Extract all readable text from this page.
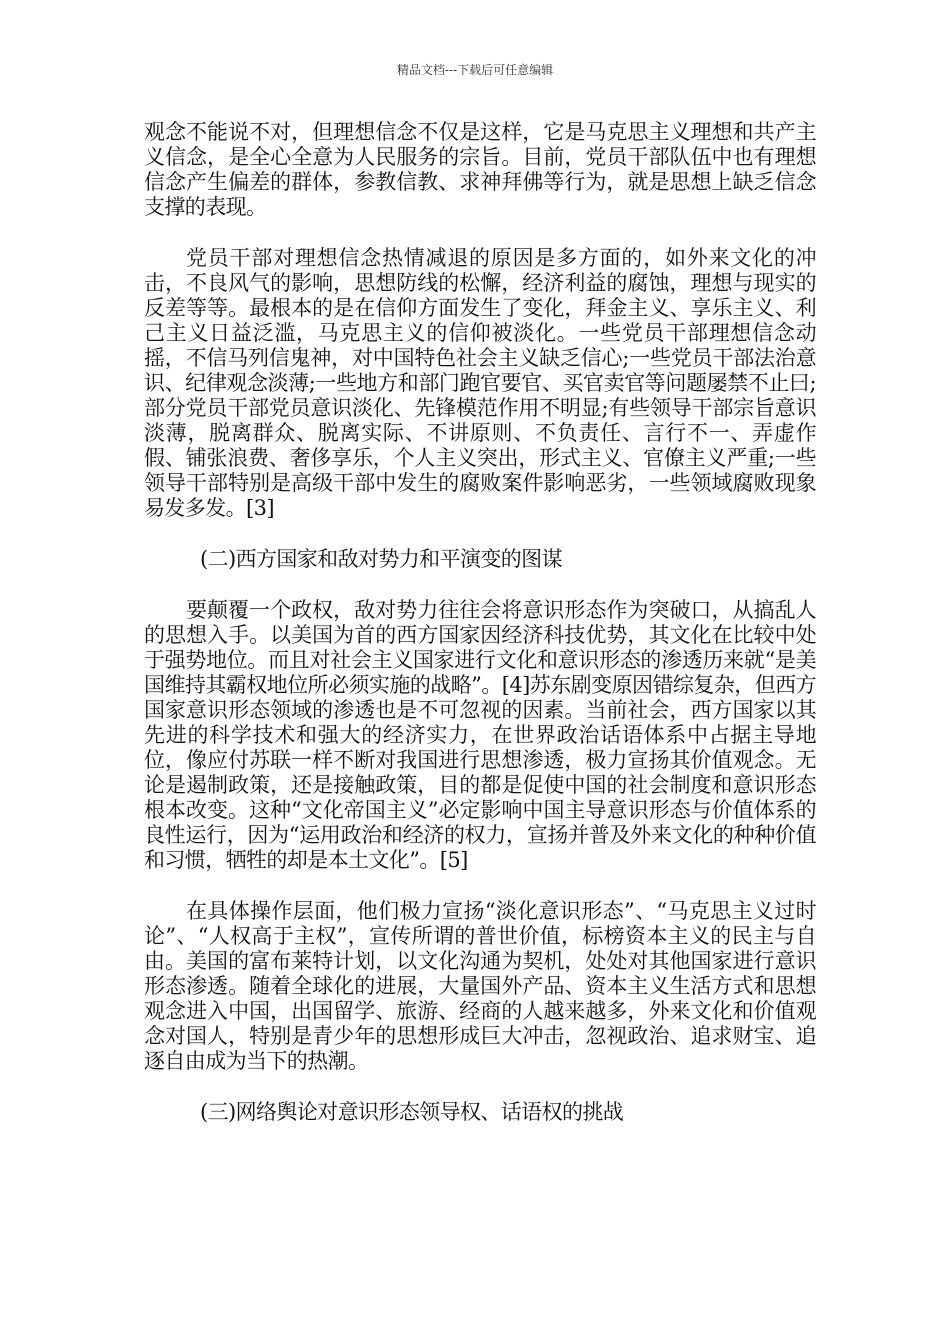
精品文档---下载后可任意编辑

观念不能说不对，但理想信念不仅是这样，它是马克思主义理想和共产主义信念，是全心全意为人民服务的宗旨。目前，党员干部队伍中也有理想信念产生偏差的群体，参教信教、求神拜佛等行为，就是思想上缺乏信念支撑的表现。

党员干部对理想信念热情减退的原因是多方面的，如外来文化的冲击，不良风气的影响，思想防线的松懈，经济利益的腐蚀，理想与现实的反差等等。最根本的是在信仰方面发生了变化，拜金主义、享乐主义、利己主义日益泛滥，马克思主义的信仰被淡化。一些党员干部理想信念动摇，不信马列信鬼神，对中国特色社会主义缺乏信心;一些党员干部法治意识、纪律观念淡薄;一些地方和部门跑官要官、买官卖官等问题屡禁不止曰;部分党员干部党员意识淡化、先锋模范作用不明显;有些领导干部宗旨意识淡薄，脱离群众、脱离实际、不讲原则、不负责任、言行不一、弄虚作假、铺张浪费、奢侈享乐，个人主义突出，形式主义、官僚主义严重;一些领导干部特别是高级干部中发生的腐败案件影响恶劣，一些领域腐败现象易发多发。[3]

(二)西方国家和敌对势力和平演变的图谋

要颠覆一个政权，敌对势力往往会将意识形态作为突破口，从搞乱人的思想入手。以美国为首的西方国家因经济科技优势，其文化在比较中处于强势地位。而且对社会主义国家进行文化和意识形态的渗透历来就“是美国维持其霸权地位所必须实施的战略”。[4]苏东剧变原因错综复杂，但西方国家意识形态领域的渗透也是不可忽视的因素。当前社会，西方国家以其先进的科学技术和强大的经济实力，在世界政治话语体系中占据主导地位，像应付苏联一样不断对我国进行思想渗透，极力宣扬其价值观念。无论是遏制政策，还是接触政策，目的都是促使中国的社会制度和意识形态根本改变。这种“文化帝国主义”必定影响中国主导意识形态与价值体系的良性运行，因为“运用政治和经济的权力，宣扬并普及外来文化的种种价值和习惯，牺牲的却是本土文化”。[5]

在具体操作层面，他们极力宣扬“淡化意识形态”、“马克思主义过时论”、“人权高于主权”，宣传所谓的普世价值，标榜资本主义的民主与自由。美国的富布莱特计划，以文化沟通为契机，处处对其他国家进行意识形态渗透。随着全球化的进展，大量国外产品、资本主义生活方式和思想观念进入中国，出国留学、旅游、经商的人越来越多，外来文化和价值观念对国人，特别是青少年的思想形成巨大冲击，忽视政治、追求财宝、追逐自由成为当下的热潮。

(三)网络舆论对意识形态领导权、话语权的挑战
